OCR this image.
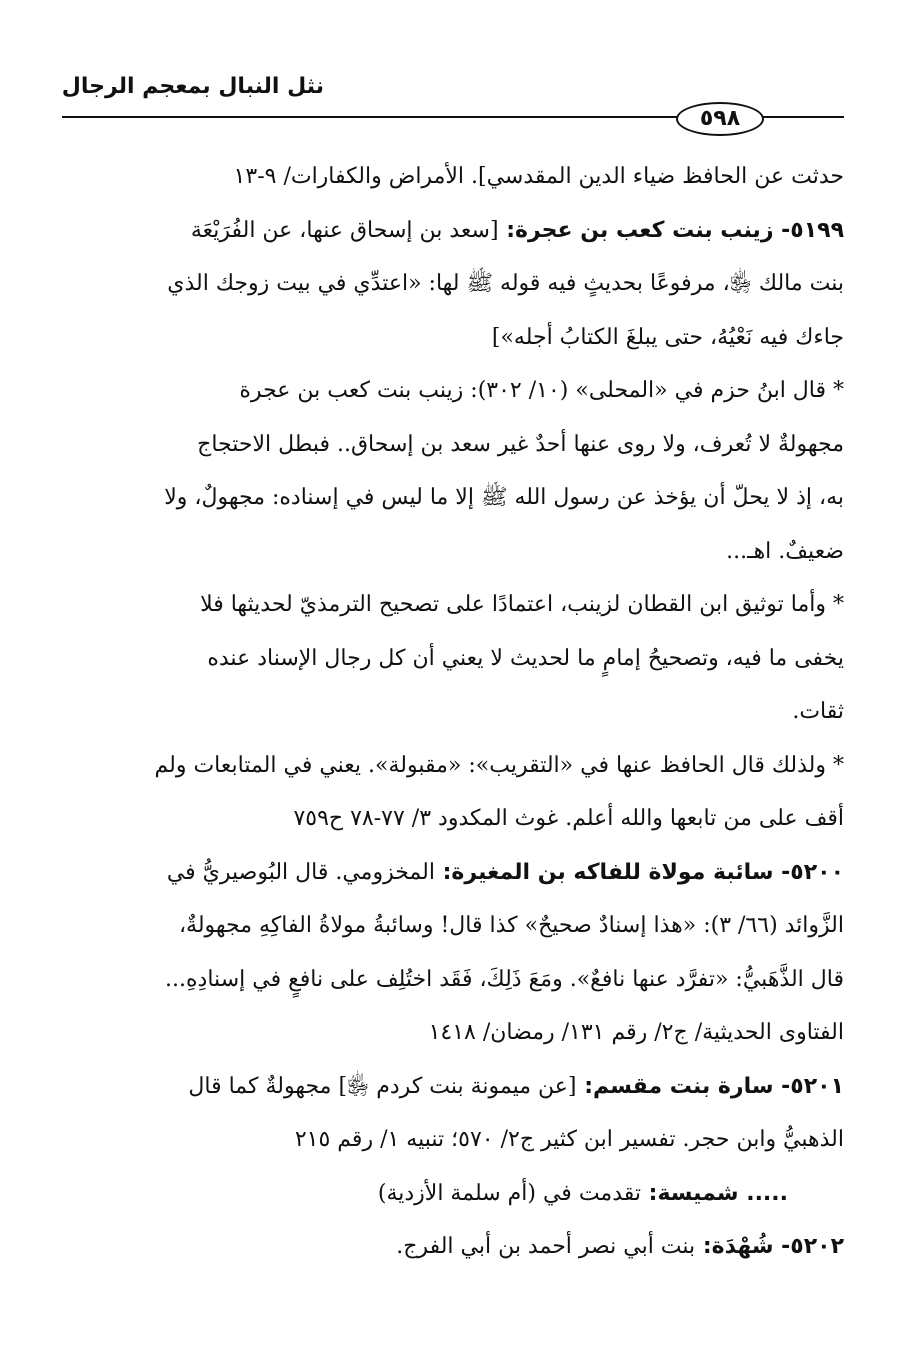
نثل النبال بمعجم الرجال
٥٩٨
حدثت عن الحافظ ضياء الدين المقدسي]. الأمراض والكفارات/ ٩-١٣
٥١٩٩- زينب بنت كعب بن عجرة: [سعد بن إسحاق عنها، عن الفُرَيْعَة
بنت مالك ﵂، مرفوعًا بحديثٍ فيه قوله ﷺ لها: «اعتدِّي في بيت زوجك الذي
جاءك فيه نَعْيُهُ، حتى يبلغَ الكتابُ أجله»]
* قال ابنُ حزم في «المحلى» (١٠/ ٣٠٢): زينب بنت كعب بن عجرة
مجهولةٌ لا تُعرف، ولا روى عنها أحدٌ غير سعد بن إسحاق.. فبطل الاحتجاج
به، إذ لا يحلّ أن يؤخذ عن رسول الله ﷺ إلا ما ليس في إسناده: مجهولٌ، ولا
ضعيفٌ. اهـ...
* وأما توثيق ابن القطان لزينب، اعتمادًا على تصحيح الترمذيّ لحديثها فلا
يخفى ما فيه، وتصحيحُ إمامٍ ما لحديث لا يعني أن كل رجال الإسناد عنده
ثقات.
* ولذلك قال الحافظ عنها في «التقريب»: «مقبولة». يعني في المتابعات ولم
أقف على من تابعها والله أعلم. غوث المكدود ٣/ ٧٧-٧٨ ح٧٥٩
٥٢٠٠- سائبة مولاة للفاكه بن المغيرة: المخزومي. قال البُوصيريُّ في
الزَّوائد (٦٦/ ٣): «هذا إسنادٌ صحيحٌ» كذا قال! وسائبةُ مولاةُ الفاكِهِ مجهولةٌ،
قال الذَّهَبيُّ: «تفرَّد عنها نافعٌ». ومَعَ ذَلِكَ، فَقَد اختُلِف على نافعٍ في إسنادِهِ...
الفتاوى الحديثية/ ج٢/ رقم ١٣١/ رمضان/ ١٤١٨
٥٢٠١- سارة بنت مقسم: [عن ميمونة بنت كردم ﵂] مجهولةٌ كما قال
الذهبيُّ وابن حجر. تفسير ابن كثير ج٢/ ٥٧٠؛ تنبيه ١/ رقم ٢١٥
..... شميسة: تقدمت في (أم سلمة الأزدية)
٥٢٠٢- شُهْدَة: بنت أبي نصر أحمد بن أبي الفرج.
